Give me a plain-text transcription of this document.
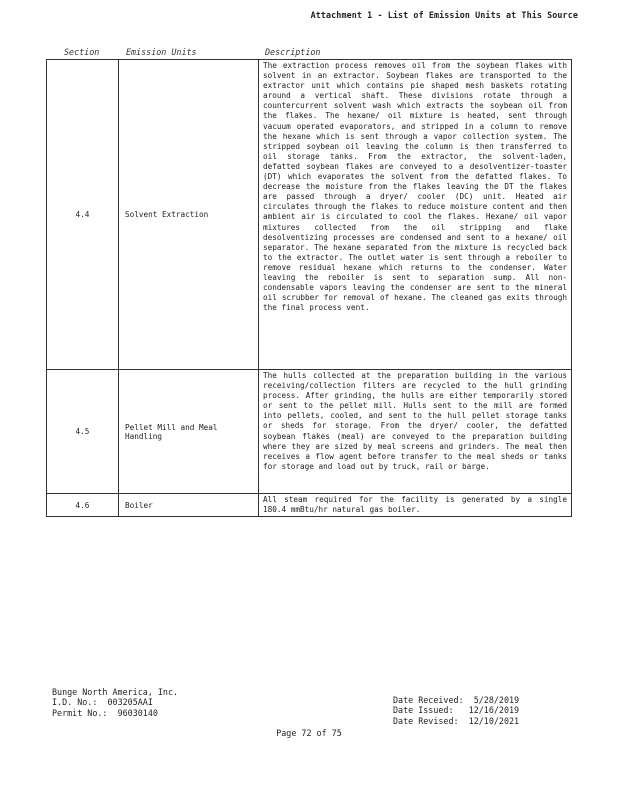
Attachment 1 - List of Emission Units at This Source
Section	Emission Units	Description
4.4	Solvent Extraction	The extraction process removes oil from the soybean flakes with solvent in an extractor. Soybean flakes are transported to the extractor unit which contains pie shaped mesh baskets rotating around a vertical shaft. These divisions rotate through a countercurrent solvent wash which extracts the soybean oil from the flakes. The hexane/ oil mixture is heated, sent through vacuum operated evaporators, and stripped in a column to remove the hexane which is sent through a vapor collection system. The stripped soybean oil leaving the column is then transferred to oil storage tanks. From the extractor, the solvent-laden, defatted soybean flakes are conveyed to a desolventizer-toaster (DT) which evaporates the solvent from the defatted flakes. To decrease the moisture from the flakes leaving the DT the flakes are passed through a dryer/ cooler (DC) unit. Heated air circulates through the flakes to reduce moisture content and then ambient air is circulated to cool the flakes. Hexane/ oil vapor mixtures collected from the oil stripping and flake desolventizing processes are condensed and sent to a hexane/ oil separator. The hexane separated from the mixture is recycled back to the extractor. The outlet water is sent through a reboiler to remove residual hexane which returns to the condenser. Water leaving the reboiler is sent to separation sump. All non-condensable vapors leaving the condenser are sent to the mineral oil scrubber for removal of hexane. The cleaned gas exits through the final process vent.
4.5	Pellet Mill and Meal Handling	The hulls collected at the preparation building in the various receiving/collection filters are recycled to the hull grinding process. After grinding, the hulls are either temporarily stored or sent to the pellet mill. Hulls sent to the mill are formed into pellets, cooled, and sent to the hull pellet storage tanks or sheds for storage. From the dryer/ cooler, the defatted soybean flakes (meal) are conveyed to the preparation building where they are sized by meal screens and grinders. The meal then receives a flow agent before transfer to the meal sheds or tanks for storage and load out by truck, rail or barge.
4.6	Boiler	All steam required for the facility is generated by a single 180.4 mmBtu/hr natural gas boiler.
Bunge North America, Inc.
I.D. No.: 003205AAI
Permit No.: 96030140
Date Received: 5/28/2019
Date Issued: 12/16/2019
Date Revised: 12/10/2021
Page 72 of 75
